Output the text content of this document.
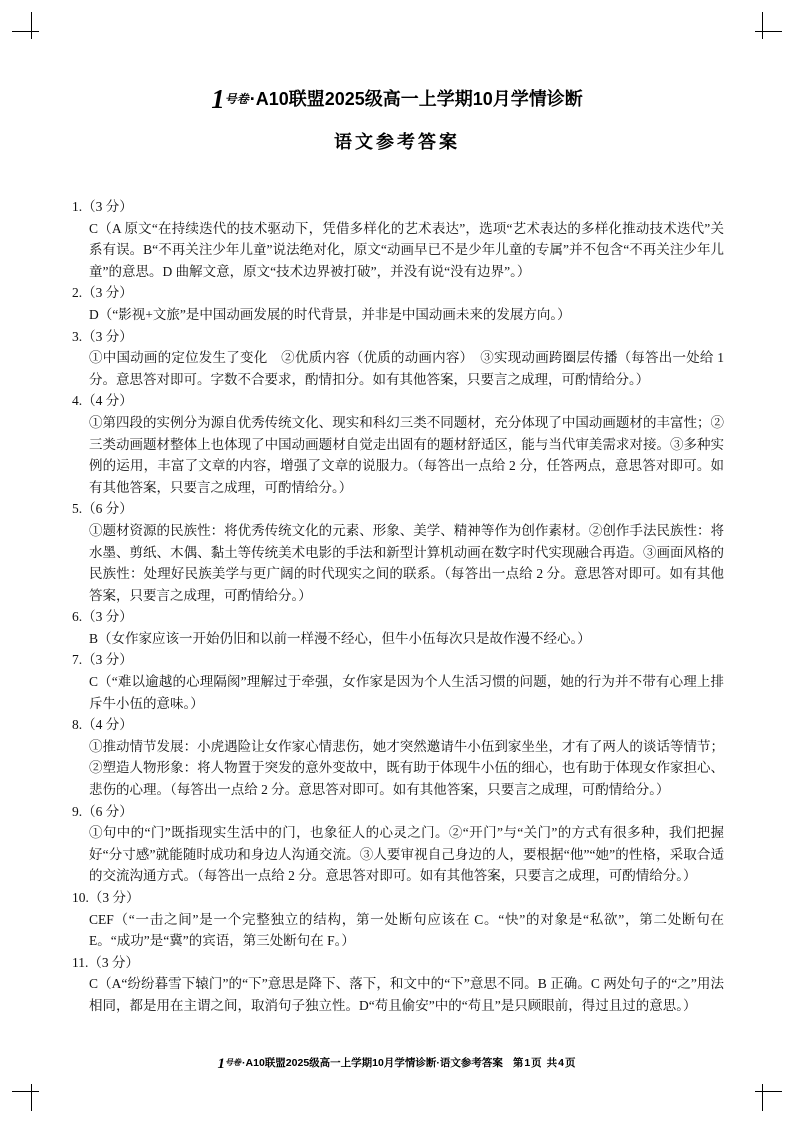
1号卷·A10联盟2025级高一上学期10月学情诊断
语文参考答案
1.（3 分）
C（A 原文“在持续迭代的技术驱动下，凭借多样化的艺术表达”，选项“艺术表达的多样化推动技术迭代”关系有误。B“不再关注少年儿童”说法绝对化，原文“动画早已不是少年儿童的专属”并不包含“不再关注少年儿童”的意思。D 曲解文意，原文“技术边界被打破”，并没有说“没有边界”。）
2.（3 分）
D（“影视+文旅”是中国动画发展的时代背景，并非是中国动画未来的发展方向。）
3.（3 分）
①中国动画的定位发生了变化　②优质内容（优质的动画内容）　③实现动画跨圈层传播（每答出一处给 1 分。意思答对即可。字数不合要求，酌情扣分。如有其他答案，只要言之成理，可酌情给分。）
4.（4 分）
①第四段的实例分为源自优秀传统文化、现实和科幻三类不同题材，充分体现了中国动画题材的丰富性；②三类动画题材整体上也体现了中国动画题材自觉走出固有的题材舒适区，能与当代审美需求对接。③多种实例的运用，丰富了文章的内容，增强了文章的说服力。（每答出一点给 2 分，任答两点，意思答对即可。如有其他答案，只要言之成理，可酌情给分。）
5.（6 分）
①题材资源的民族性：将优秀传统文化的元素、形象、美学、精神等作为创作素材。②创作手法民族性：将水墨、剪纸、木偶、黏土等传统美术电影的手法和新型计算机动画在数字时代实现融合再造。③画面风格的民族性：处理好民族美学与更广阔的时代现实之间的联系。（每答出一点给 2 分。意思答对即可。如有其他答案，只要言之成理，可酌情给分。）
6.（3 分）
B（女作家应该一开始仍旧和以前一样漫不经心，但牛小伍每次只是故作漫不经心。）
7.（3 分）
C（“难以逾越的心理隔阂”理解过于牵强，女作家是因为个人生活习惯的问题，她的行为并不带有心理上排斥牛小伍的意味。）
8.（4 分）
①推动情节发展：小虎遇险让女作家心情悲伤，她才突然邀请牛小伍到家坐坐，才有了两人的谈话等情节；②塑造人物形象：将人物置于突发的意外变故中，既有助于体现牛小伍的细心，也有助于体现女作家担心、悲伤的心理。（每答出一点给 2 分。意思答对即可。如有其他答案，只要言之成理，可酌情给分。）
9.（6 分）
①句中的“门”既指现实生活中的门，也象征人的心灵之门。②“开门”与“关门”的方式有很多种，我们把握好“分寸感”就能随时成功和身边人沟通交流。③人要审视自己身边的人，要根据“他”“她”的性格，采取合适的交流沟通方式。（每答出一点给 2 分。意思答对即可。如有其他答案，只要言之成理，可酌情给分。）
10.（3 分）
CEF（“一击之间”是一个完整独立的结构，第一处断句应该在 C。“快”的对象是“私欲”，第二处断句在 E。“成功”是“冀”的宾语，第三处断句在 F。）
11.（3 分）
C（A“纷纷暮雪下辕门”的“下”意思是降下、落下，和文中的“下”意思不同。B 正确。C 两处句子的“之”用法相同，都是用在主谓之间，取消句子独立性。D“苟且偷安”中的“苟且”是只顾眼前，得过且过的意思。）
1号卷·A10联盟2025级高一上学期10月学情诊断·语文参考答案 第1页 共4页
